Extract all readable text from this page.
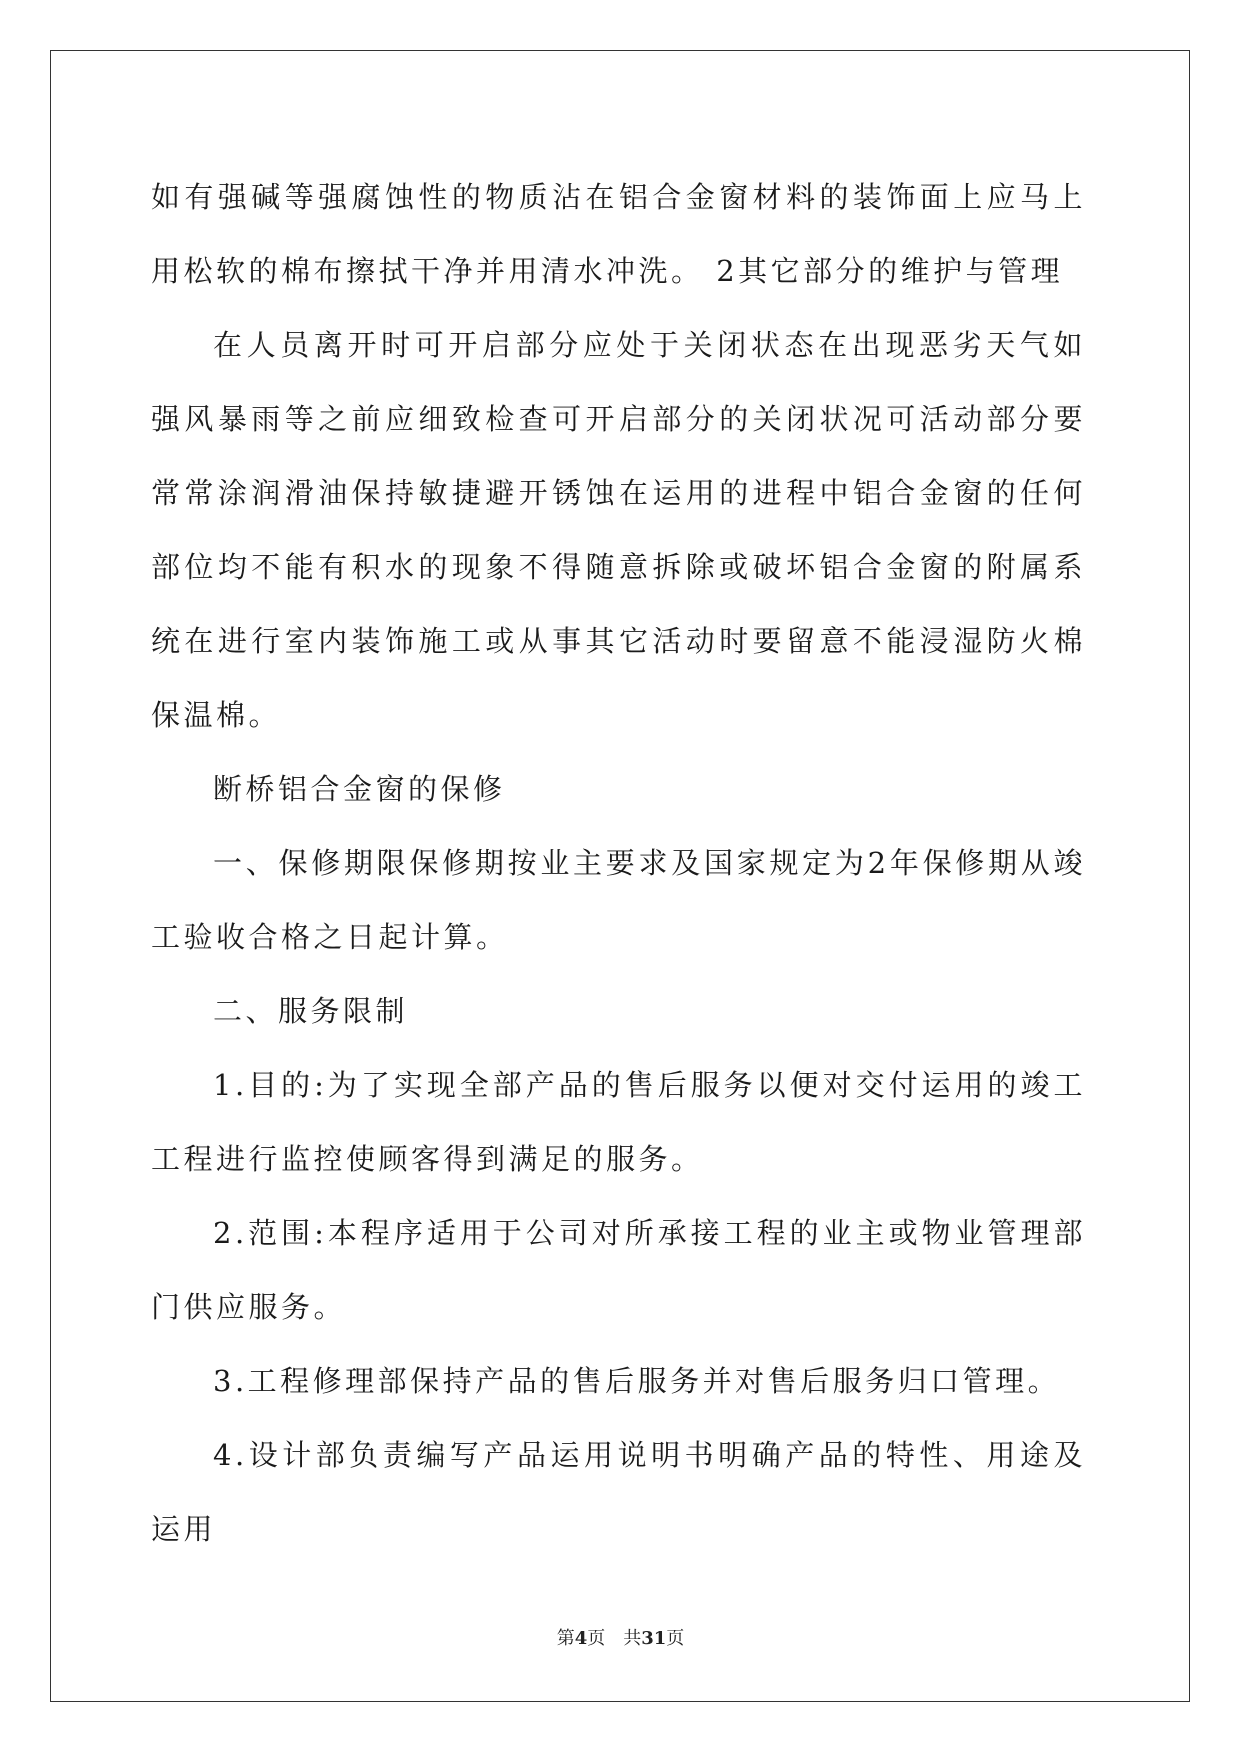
如有强碱等强腐蚀性的物质沾在铝合金窗材料的装饰面上应马上用松软的棉布擦拭干净并用清水冲洗。 2其它部分的维护与管理

在人员离开时可开启部分应处于关闭状态在出现恶劣天气如强风暴雨等之前应细致检查可开启部分的关闭状况可活动部分要常常涂润滑油保持敏捷避开锈蚀在运用的进程中铝合金窗的任何部位均不能有积水的现象不得随意拆除或破坏铝合金窗的附属系统在进行室内装饰施工或从事其它活动时要留意不能浸湿防火棉保温棉。

断桥铝合金窗的保修

一、保修期限保修期按业主要求及国家规定为2年保修期从竣工验收合格之日起计算。

二、服务限制

1.目的:为了实现全部产品的售后服务以便对交付运用的竣工工程进行监控使顾客得到满足的服务。

2.范围:本程序适用于公司对所承接工程的业主或物业管理部门供应服务。

3.工程修理部保持产品的售后服务并对售后服务归口管理。

4.设计部负责编写产品运用说明书明确产品的特性、用途及运用

第4页 共31页
